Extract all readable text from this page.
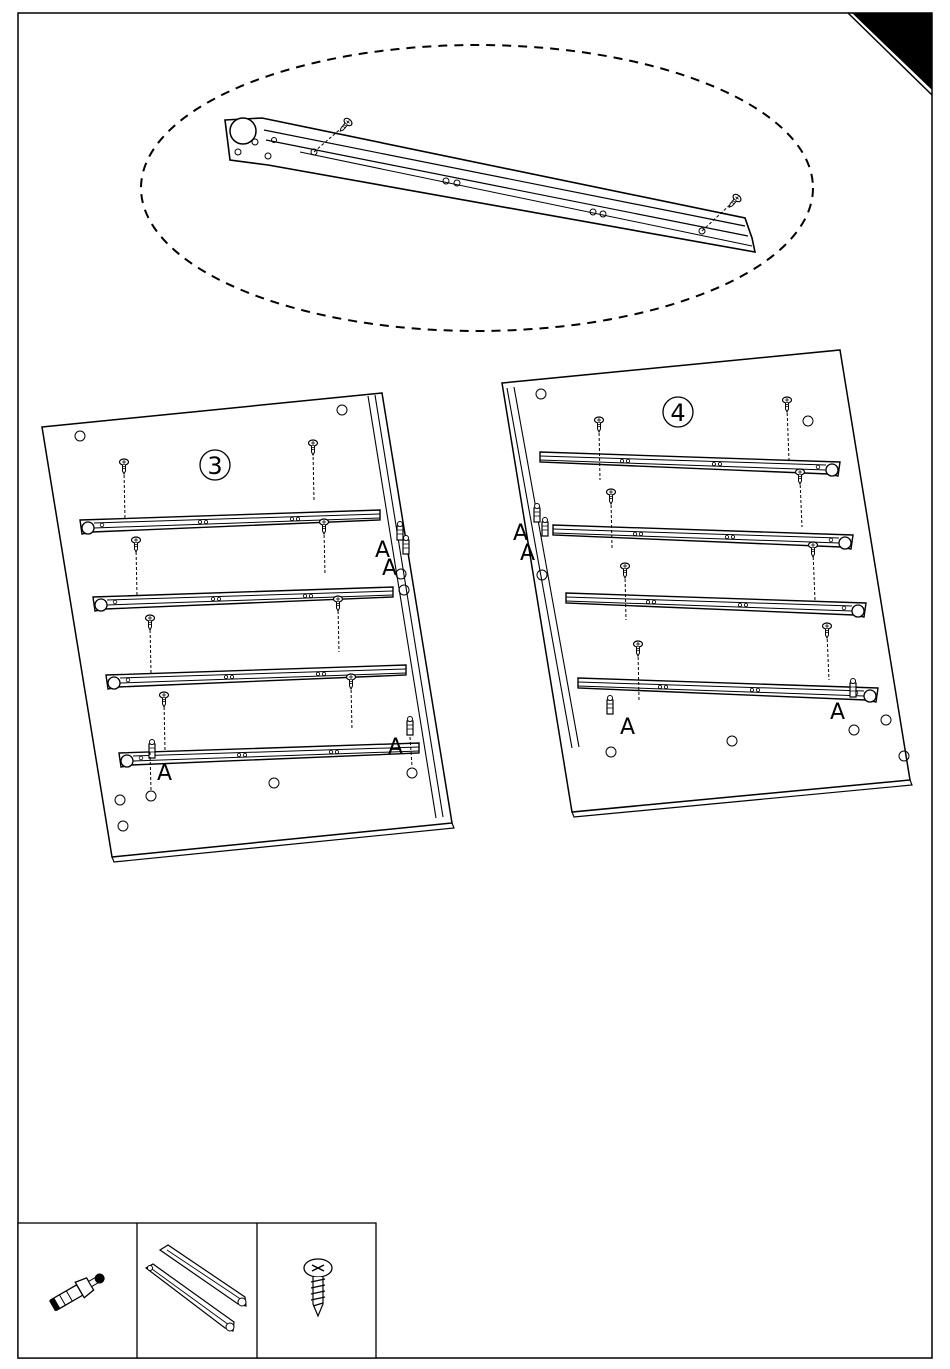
3
A
A
A
A
4
A
A
A
A
